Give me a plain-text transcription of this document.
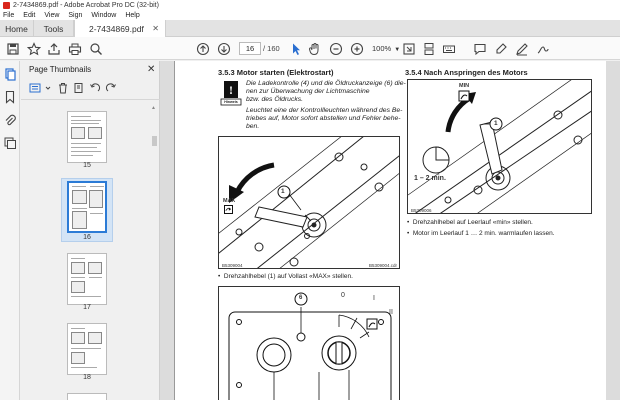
2-7434869.pdf - Adobe Acrobat Pro DC (32-bit)
File Edit View Sign Window Help
Home	Tools	2-7434869.pdf ✕
16	/ 160	100% ▼
Page Thumbnails	✕
▲
15
16
17
18
3.5.3 Motor starten (Elektrostart)
!
Hinweis
Die Ladekontrolle (4) und die Öldruckanzeige (6) die-
nen zur Überwachung der Lichtmaschine
bzw. des Öldrucks.
Leuchtet eine der Kontrollleuchten während des Be-
triebes auf, Motor sofort abstellen und Fehler behe-
ben.
1
MAX
B5309004	B5309004.cdr
•  Drehzahlhebel (1) auf Vollast «MAX» stellen.
6	0	I
II
3.5.4 Nach Anspringen des Motors
MIN
1
1 – 2 min.
B5309006
•  Drehzahlhebel auf Leerlauf «min» stellen.
•  Motor im Leerlauf 1 … 2 min. warmlaufen lassen.
